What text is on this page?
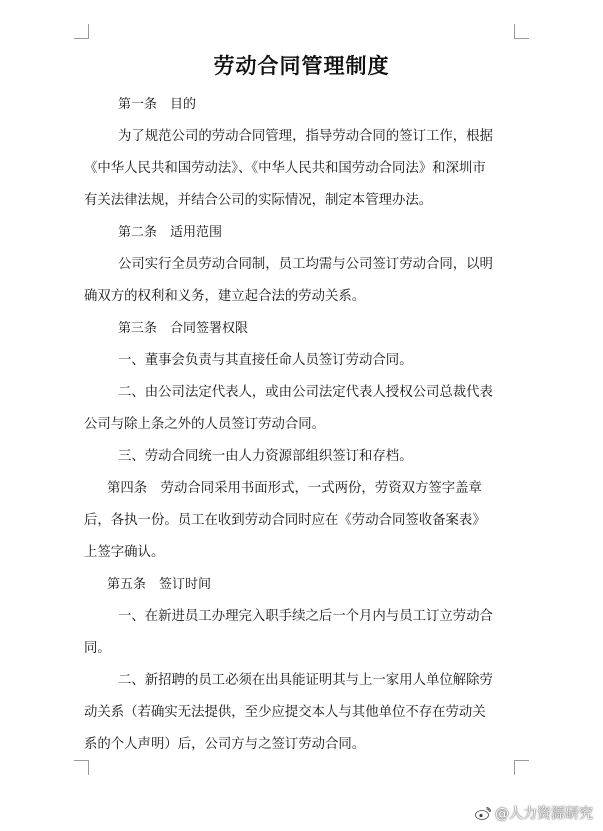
劳动合同管理制度
第一条　目的
为了规范公司的劳动合同管理，指导劳动合同的签订工作，根据
《中华人民共和国劳动法》、《中华人民共和国劳动合同法》和深圳市
有关法律法规，并结合公司的实际情况，制定本管理办法。
第二条　适用范围
公司实行全员劳动合同制，员工均需与公司签订劳动合同，以明
确双方的权利和义务，建立起合法的劳动关系。
第三条　合同签署权限
一、董事会负责与其直接任命人员签订劳动合同。
二、由公司法定代表人，或由公司法定代表人授权公司总裁代表
公司与除上条之外的人员签订劳动合同。
三、劳动合同统一由人力资源部组织签订和存档。
第四条　劳动合同采用书面形式，一式两份，劳资双方签字盖章
后，各执一份。员工在收到劳动合同时应在《劳动合同签收备案表》
上签字确认。
第五条　签订时间
一、在新进员工办理完入职手续之后一个月内与员工订立劳动合
同。
二、新招聘的员工必须在出具能证明其与上一家用人单位解除劳
动关系（若确实无法提供，至少应提交本人与其他单位不存在劳动关
系的个人声明）后，公司方与之签订劳动合同。
@人力资源研究
